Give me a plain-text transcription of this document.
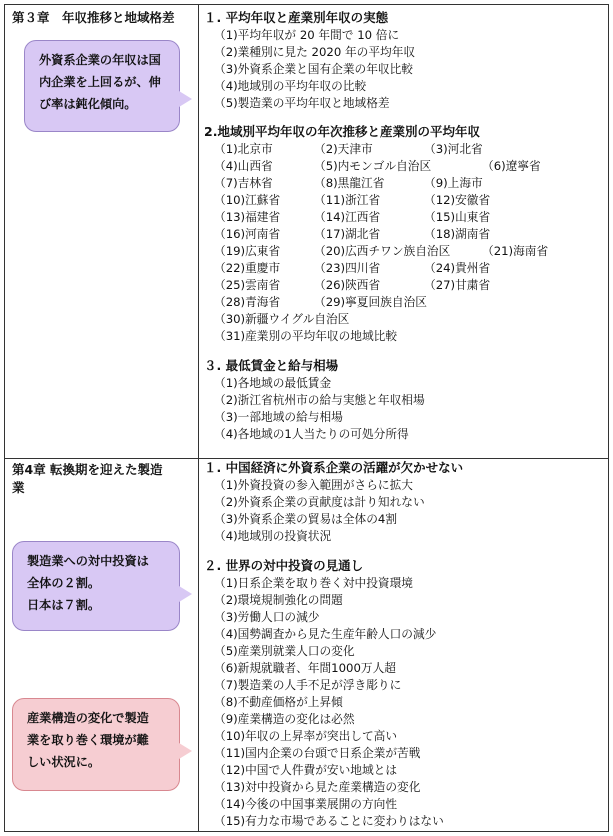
第３章　年収推移と地域格差
外資系企業の年収は国
内企業を上回るが、伸
び率は鈍化傾向。
１. 平均年収と産業別年収の実態
（1)平均年収が 20 年間で 10 倍に
（2)業種別に見た 2020 年の平均年収
（3)外資系企業と国有企業の年収比較
（4)地域別の平均年収の比較
（5)製造業の平均年収と地域格差
2.地域別平均年収の年次推移と産業別の平均年収
（1)北京市	（2)天津市	（3)河北省
（4)山西省	（5)内モンゴル自治区	（6)遼寧省
（7)吉林省	（8)黒龍江省	（9)上海市
（10)江蘇省	（11)浙江省	（12)安徽省
（13)福建省	（14)江西省	（15)山東省
（16)河南省	（17)湖北省	（18)湖南省
（19)広東省	（20)広西チワン族自治区	（21)海南省
（22)重慶市	（23)四川省	（24)貴州省
（25)雲南省	（26)陝西省	（27)甘粛省
（28)青海省	（29)寧夏回族自治区
（30)新疆ウイグル自治区
（31)産業別の平均年収の地域比較
３. 最低賃金と給与相場
（1)各地域の最低賃金
（2)浙江省杭州市の給与実態と年収相場
（3)一部地域の給与相場
（4)各地域の1人当たりの可処分所得
第4章 転換期を迎えた製造
業
製造業への対中投資は
全体の２割。
日本は７割。
産業構造の変化で製造
業を取り巻く環境が難
しい状況に。
１. 中国経済に外資系企業の活躍が欠かせない
（1)外資投資の参入範囲がさらに拡大
（2)外資系企業の貢献度は計り知れない
（3)外資系企業の貿易は全体の4割
（4)地域別の投資状況
２. 世界の対中投資の見通し
（1)日系企業を取り巻く対中投資環境
（2)環境規制強化の問題
（3)労働人口の減少
（4)国勢調査から見た生産年齢人口の減少
（5)産業別就業人口の変化
（6)新規就職者、年間1000万人超
（7)製造業の人手不足が浮き彫りに
（8)不動産価格が上昇傾
（9)産業構造の変化は必然
（10)年収の上昇率が突出して高い
（11)国内企業の台頭で日系企業が苦戦
（12)中国で人件費が安い地域とは
（13)対中投資から見た産業構造の変化
（14)今後の中国事業展開の方向性
（15)有力な市場であることに変わりはない
